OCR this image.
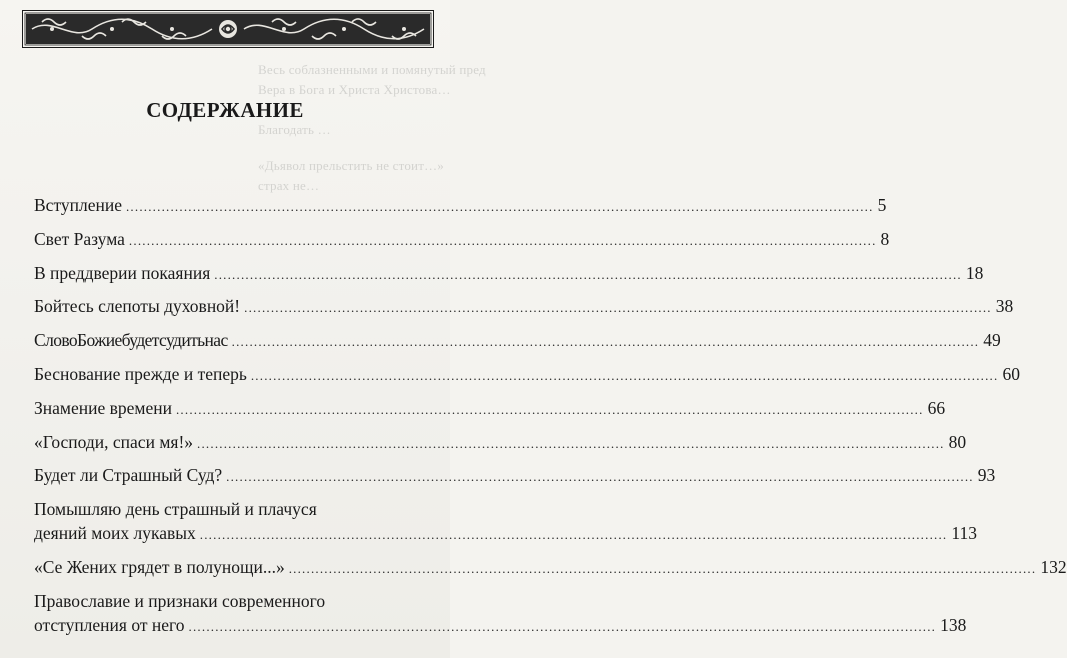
Весь соблазненными и помянутый пред
Вера в Бога и Христа Христова…
Благодать …
«Дьявол прельстить не стоит…»
страх не…
СОДЕРЖАНИЕ
Вступление .....	5
Свет Разума .....	8
В преддверии покаяния .....	18
Бойтесь слепоты духовной! .....	38
СловоБожиебудетсудитьнас .....	49
Беснование прежде и теперь .....	60
Знамение времени .....	66
«Господи, спаси мя!» .....	80
Будет ли Страшный Суд? .....	93
Помышляю день страшный и плачуся
деяний моих лукавых .....	113
«Се Жених грядет в полунощи...» .....	132
Православие и признаки современного
отступления от него .....	138
